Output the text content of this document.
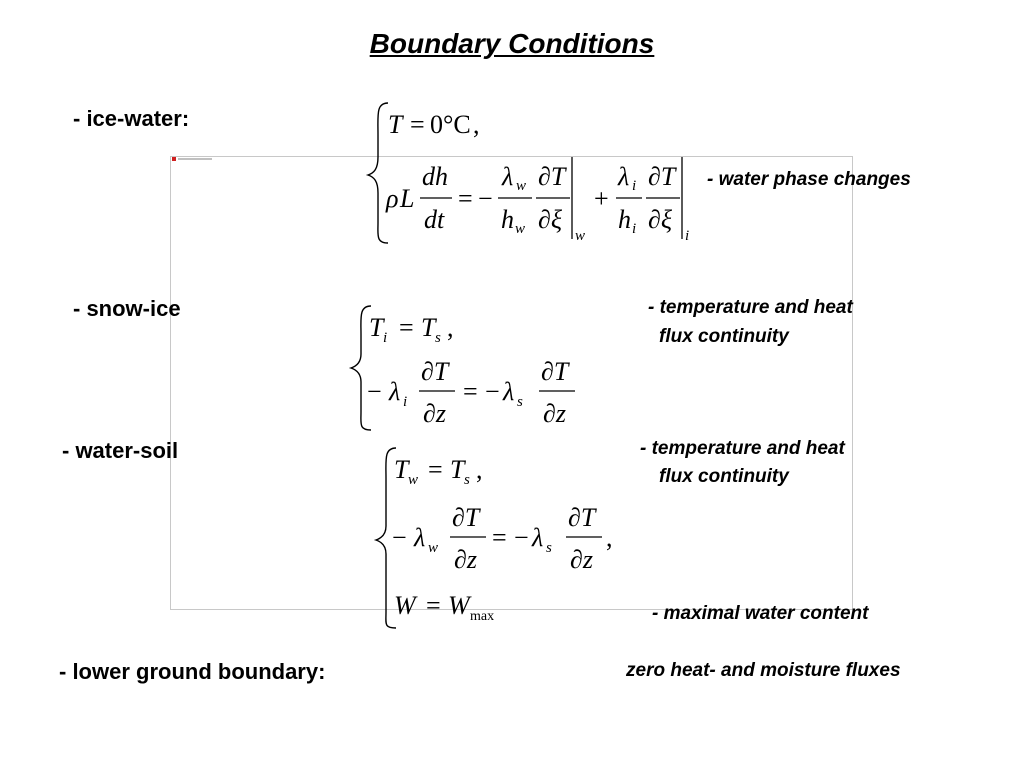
Boundary Conditions
- ice-water:
- water phase changes
T = 0°C ,
ρ L
dh
dt
= −
λ w
h w
∂T
∂ξ
w
+
λ i
h i
∂T
∂ξ
i
- snow-ice	- temperature and heat
flux continuity
T i = T s ,
− λ i
∂T
∂z
= − λ s
∂T
∂z
- water-soil	- temperature and heat
flux continuity
- maximal water content
T w = T s ,
− λ w
∂T
∂z
= − λ s
∂T
∂z
,
W = W max
- lower ground boundary:	zero heat- and moisture fluxes
